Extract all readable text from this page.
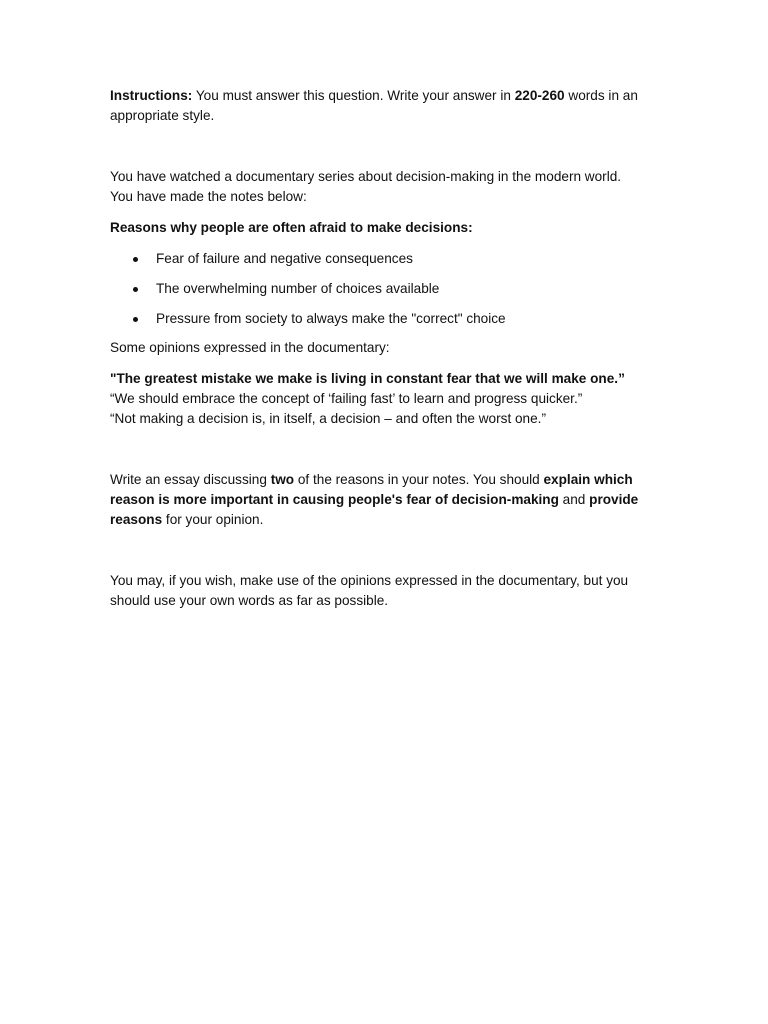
Instructions: You must answer this question. Write your answer in 220-260 words in an appropriate style.

You have watched a documentary series about decision-making in the modern world.
You have made the notes below:

Reasons why people are often afraid to make decisions:

Fear of failure and negative consequences
The overwhelming number of choices available
Pressure from society to always make the "correct" choice

Some opinions expressed in the documentary:

"The greatest mistake we make is living in constant fear that we will make one.”

“We should embrace the concept of ‘failing fast’ to learn and progress quicker.”

“Not making a decision is, in itself, a decision – and often the worst one.”

Write an essay discussing two of the reasons in your notes. You should explain which reason is more important in causing people's fear of decision-making and provide reasons for your opinion.

You may, if you wish, make use of the opinions expressed in the documentary, but you
should use your own words as far as possible.
